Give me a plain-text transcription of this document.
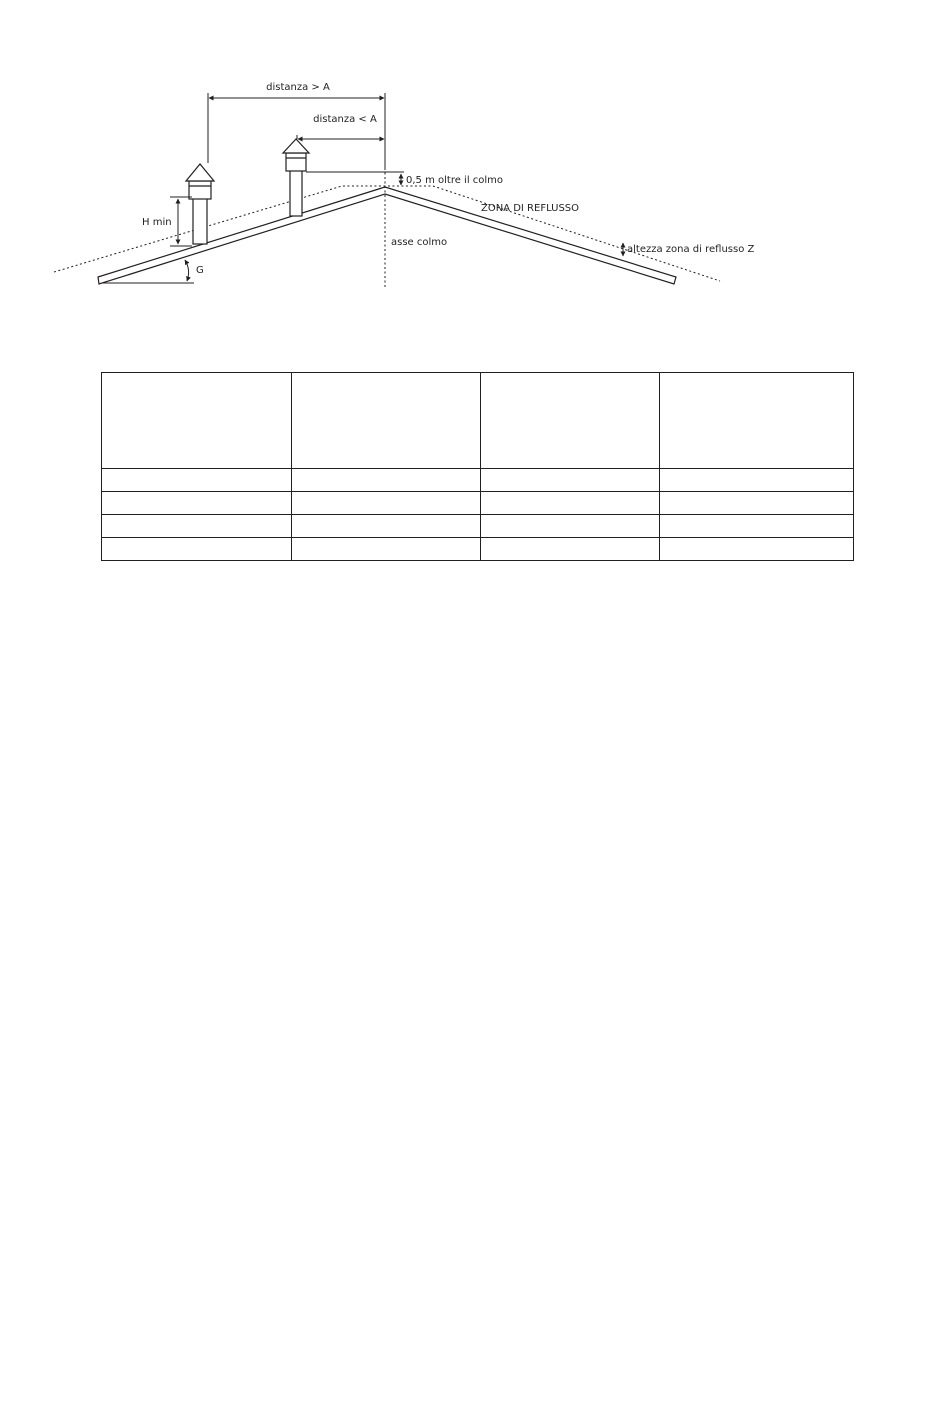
distanza > A
distanza < A
0,5 m oltre il colmo
ZONA DI REFLUSSO
asse colmo
altezza zona di reflusso Z
H min
G
